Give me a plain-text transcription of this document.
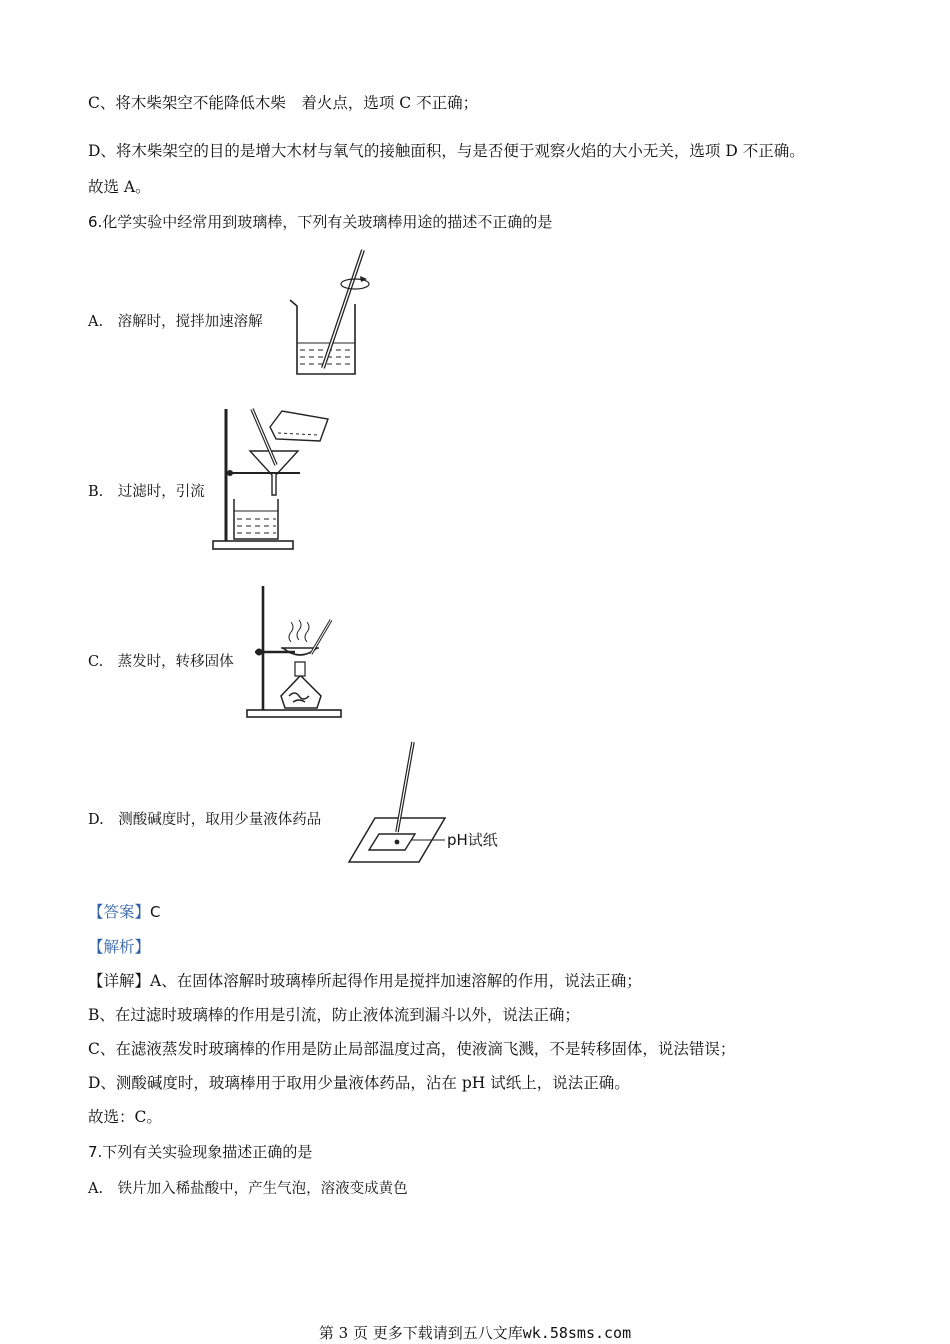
C、将木柴架空不能降低木柴　着火点，选项 C 不正确；
D、将木柴架空的目的是增大木材与氧气的接触面积，与是否便于观察火焰的大小无关，选项 D 不正确。
故选 A。
6.化学实验中经常用到玻璃棒，下列有关玻璃棒用途的描述不正确的是
A.　溶解时，搅拌加速溶解
B.　过滤时，引流
C.　蒸发时，转移固体
D.　测酸碱度时，取用少量液体药品
pH试纸
【答案】C
【解析】
【详解】A、在固体溶解时玻璃棒所起得作用是搅拌加速溶解的作用，说法正确；
B、在过滤时玻璃棒的作用是引流，防止液体流到漏斗以外，说法正确；
C、在滤液蒸发时玻璃棒的作用是防止局部温度过高，使液滴飞溅，不是转移固体，说法错误；
D、测酸碱度时，玻璃棒用于取用少量液体药品，沾在 pH 试纸上，说法正确。
故选：C。
7.下列有关实验现象描述正确的是
A.　铁片加入稀盐酸中，产生气泡，溶液变成黄色
第 3 页 更多下载请到五八文库wk.58sms.com
